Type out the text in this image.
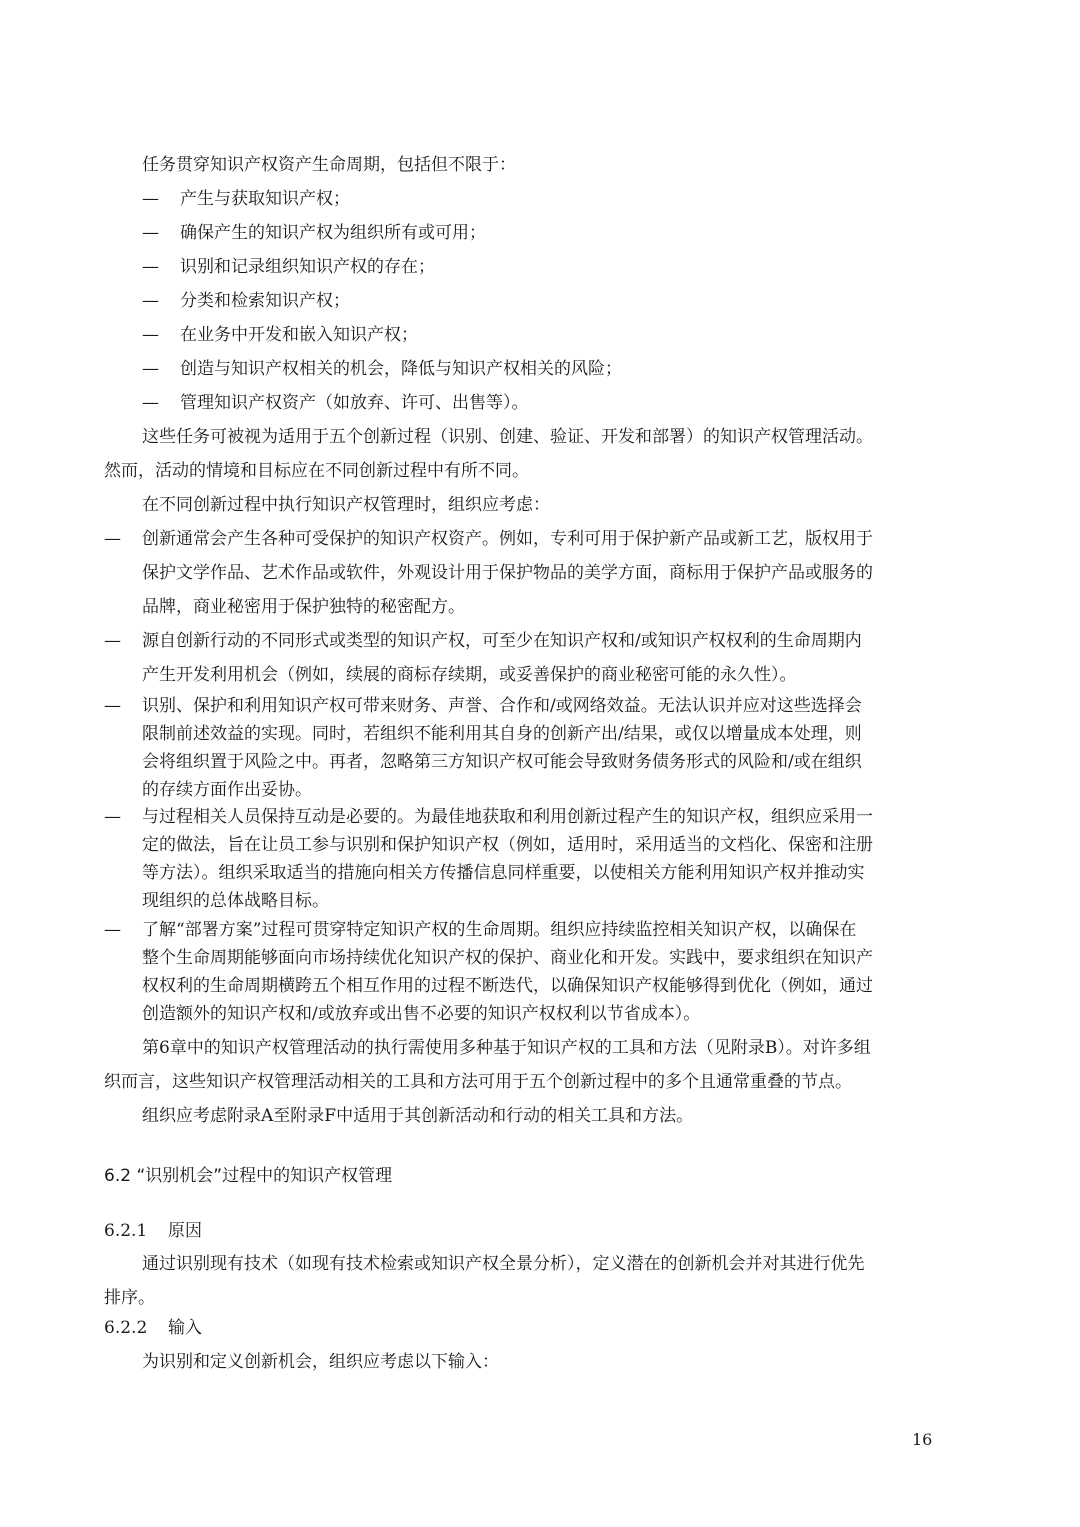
任务贯穿知识产权资产生命周期，包括但不限于：
— 产生与获取知识产权；
— 确保产生的知识产权为组织所有或可用；
— 识别和记录组织知识产权的存在；
— 分类和检索知识产权；
— 在业务中开发和嵌入知识产权；
— 创造与知识产权相关的机会，降低与知识产权相关的风险；
— 管理知识产权资产（如放弃、许可、出售等）。
这些任务可被视为适用于五个创新过程（识别、创建、验证、开发和部署）的知识产权管理活动。
然而，活动的情境和目标应在不同创新过程中有所不同。
在不同创新过程中执行知识产权管理时，组织应考虑：
—	创新通常会产生各种可受保护的知识产权资产。例如，专利可用于保护新产品或新工艺，版权用于
保护文学作品、艺术作品或软件，外观设计用于保护物品的美学方面，商标用于保护产品或服务的
品牌，商业秘密用于保护独特的秘密配方。
—	源自创新行动的不同形式或类型的知识产权，可至少在知识产权和/或知识产权权利的生命周期内
产生开发利用机会（例如，续展的商标存续期，或妥善保护的商业秘密可能的永久性）。
—	识别、保护和利用知识产权可带来财务、声誉、合作和/或网络效益。无法认识并应对这些选择会
限制前述效益的实现。同时，若组织不能利用其自身的创新产出/结果，或仅以增量成本处理，则
会将组织置于风险之中。再者，忽略第三方知识产权可能会导致财务债务形式的风险和/或在组织
的存续方面作出妥协。
—	与过程相关人员保持互动是必要的。为最佳地获取和利用创新过程产生的知识产权，组织应采用一
定的做法，旨在让员工参与识别和保护知识产权（例如，适用时，采用适当的文档化、保密和注册
等方法）。组织采取适当的措施向相关方传播信息同样重要，以使相关方能利用知识产权并推动实
现组织的总体战略目标。
—	了解“部署方案”过程可贯穿特定知识产权的生命周期。组织应持续监控相关知识产权，以确保在
整个生命周期能够面向市场持续优化知识产权的保护、商业化和开发。实践中，要求组织在知识产
权权利的生命周期横跨五个相互作用的过程不断迭代，以确保知识产权能够得到优化（例如，通过
创造额外的知识产权和/或放弃或出售不必要的知识产权权利以节省成本）。
第6章中的知识产权管理活动的执行需使用多种基于知识产权的工具和方法（见附录B）。对许多组
织而言，这些知识产权管理活动相关的工具和方法可用于五个创新过程中的多个且通常重叠的节点。
组织应考虑附录A至附录F中适用于其创新活动和行动的相关工具和方法。
6.2 “识别机会”过程中的知识产权管理
6.2.1 原因
通过识别现有技术（如现有技术检索或知识产权全景分析），定义潜在的创新机会并对其进行优先
排序。
6.2.2 输入
为识别和定义创新机会，组织应考虑以下输入：
16
